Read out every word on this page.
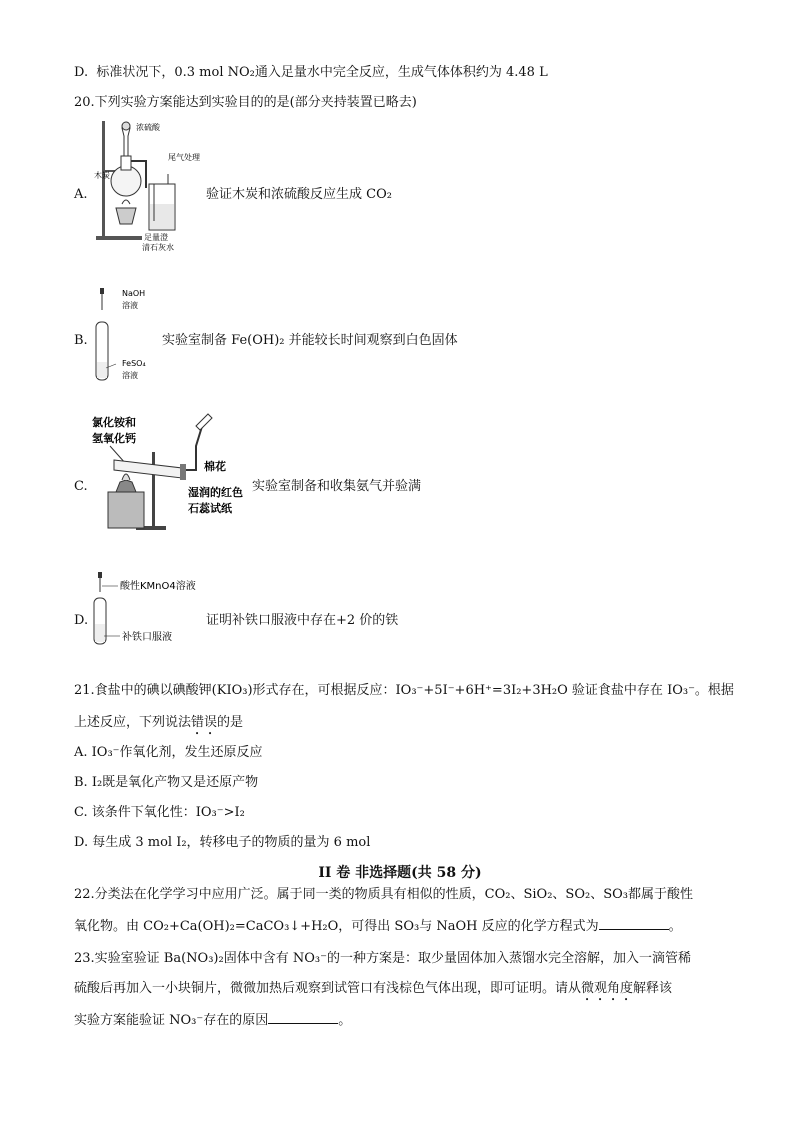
D. 标准状况下，0.3 mol NO₂通入足量水中完全反应，生成气体体积约为 4.48 L
20.下列实验方案能达到实验目的的是(部分夹持装置已略去)
A.
浓硫酸
尾气处理
木炭
足量澄
清石灰水
验证木炭和浓硫酸反应生成 CO₂
B.
NaOH
溶液
FeSO₄
溶液
实验室制备 Fe(OH)₂ 并能较长时间观察到白色固体
C.
氯化铵和
氢氧化钙
棉花
湿润的红色
石蕊试纸
实验室制备和收集氨气并验满
D.
酸性KMnO4溶液
补铁口服液
证明补铁口服液中存在+2 价的铁
21.食盐中的碘以碘酸钾(KIO₃)形式存在，可根据反应：IO₃⁻+5I⁻+6H⁺=3I₂+3H₂O 验证食盐中存在 IO₃⁻。根据
上述反应，下列说法错误的是
A. IO₃⁻作氧化剂，发生还原反应
B. I₂既是氧化产物又是还原产物
C. 该条件下氧化性：IO₃⁻>I₂
D. 每生成 3 mol I₂，转移电子的物质的量为 6 mol
II 卷 非选择题(共 58 分)
22.分类法在化学学习中应用广泛。属于同一类的物质具有相似的性质，CO₂、SiO₂、SO₂、SO₃都属于酸性
氧化物。由 CO₂+Ca(OH)₂=CaCO₃↓+H₂O，可得出 SO₃与 NaOH 反应的化学方程式为	。
23.实验室验证 Ba(NO₃)₂固体中含有 NO₃⁻的一种方案是：取少量固体加入蒸馏水完全溶解，加入一滴管稀
硫酸后再加入一小块铜片，微微加热后观察到试管口有浅棕色气体出现，即可证明。请从微观角度解释该
实验方案能验证 NO₃⁻存在的原因	。
